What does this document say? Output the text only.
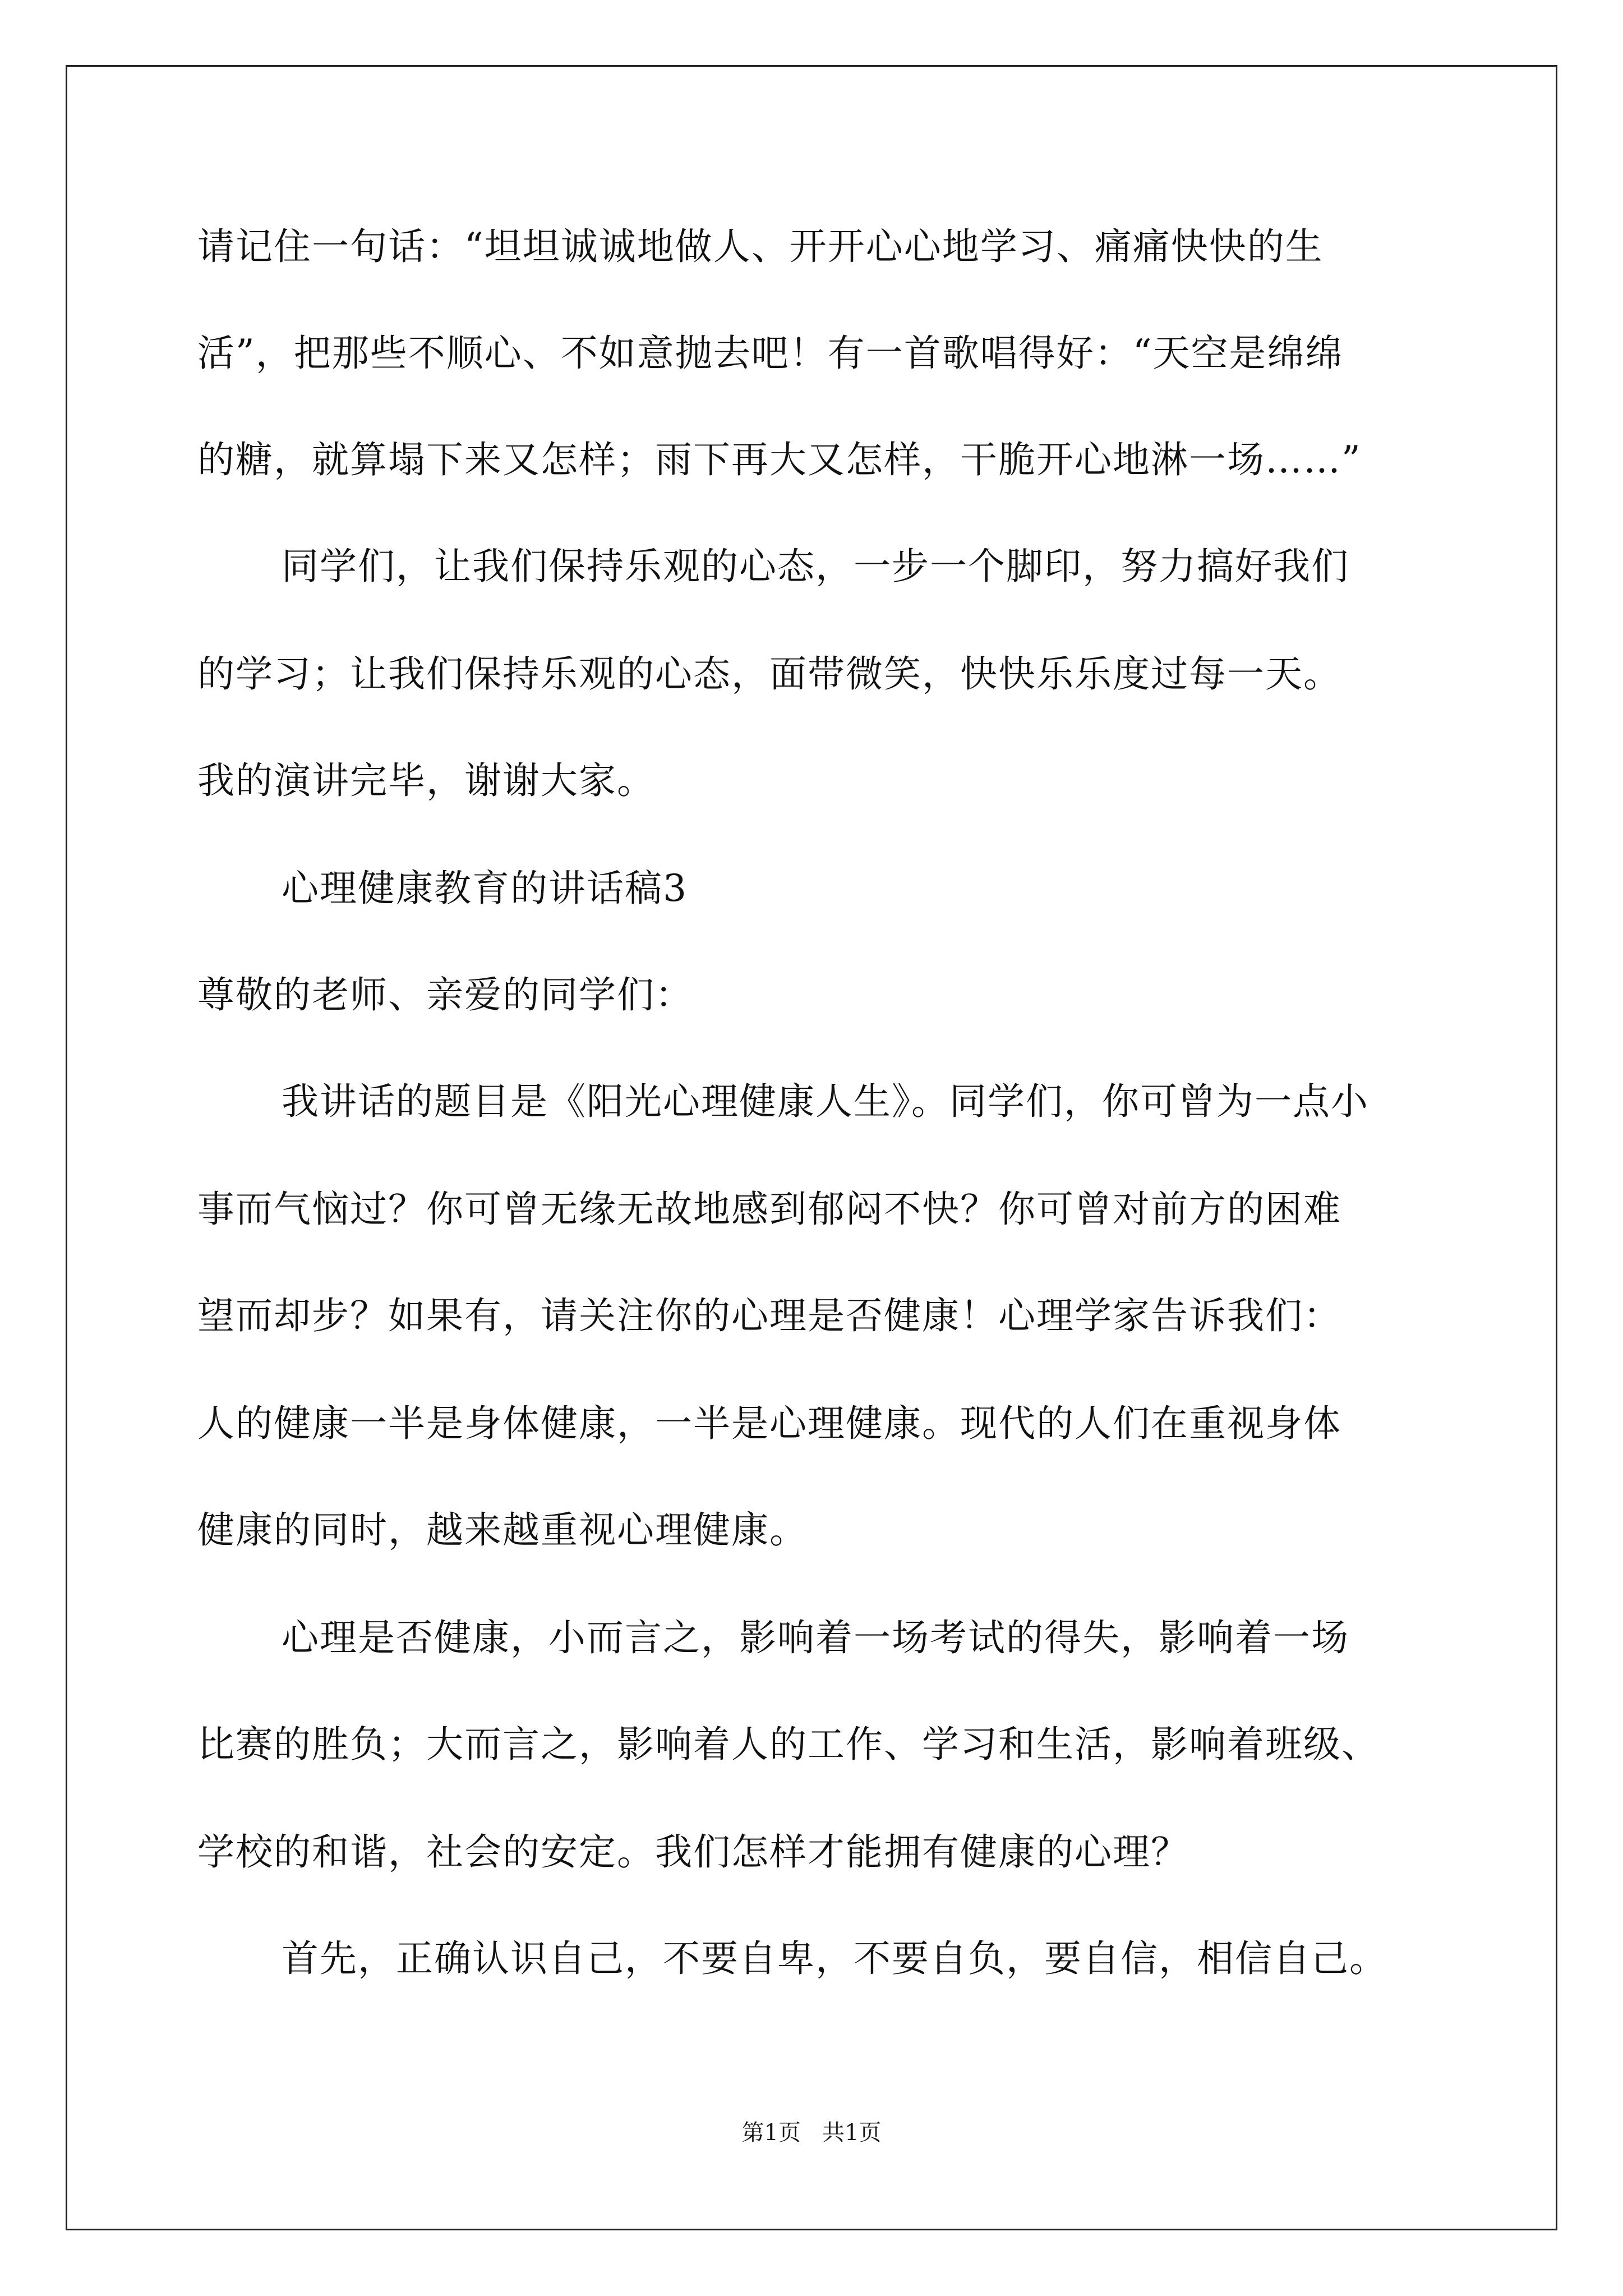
请记住一句话：“坦坦诚诚地做人、开开心心地学习、痛痛快快的生
活”，把那些不顺心、不如意抛去吧！有一首歌唱得好：“天空是绵绵
的糖，就算塌下来又怎样；雨下再大又怎样，干脆开心地淋一场……”
同学们，让我们保持乐观的心态，一步一个脚印，努力搞好我们
的学习；让我们保持乐观的心态，面带微笑，快快乐乐度过每一天。
我的演讲完毕，谢谢大家。
心理健康教育的讲话稿3
尊敬的老师、亲爱的同学们：
我讲话的题目是《阳光心理健康人生》。同学们，你可曾为一点小
事而气恼过？你可曾无缘无故地感到郁闷不快？你可曾对前方的困难
望而却步？如果有，请关注你的心理是否健康！心理学家告诉我们：
人的健康一半是身体健康，一半是心理健康。现代的人们在重视身体
健康的同时，越来越重视心理健康。
心理是否健康，小而言之，影响着一场考试的得失，影响着一场
比赛的胜负；大而言之，影响着人的工作、学习和生活，影响着班级、
学校的和谐，社会的安定。我们怎样才能拥有健康的心理？
首先，正确认识自己，不要自卑，不要自负，要自信，相信自己。
第1页   共1页
